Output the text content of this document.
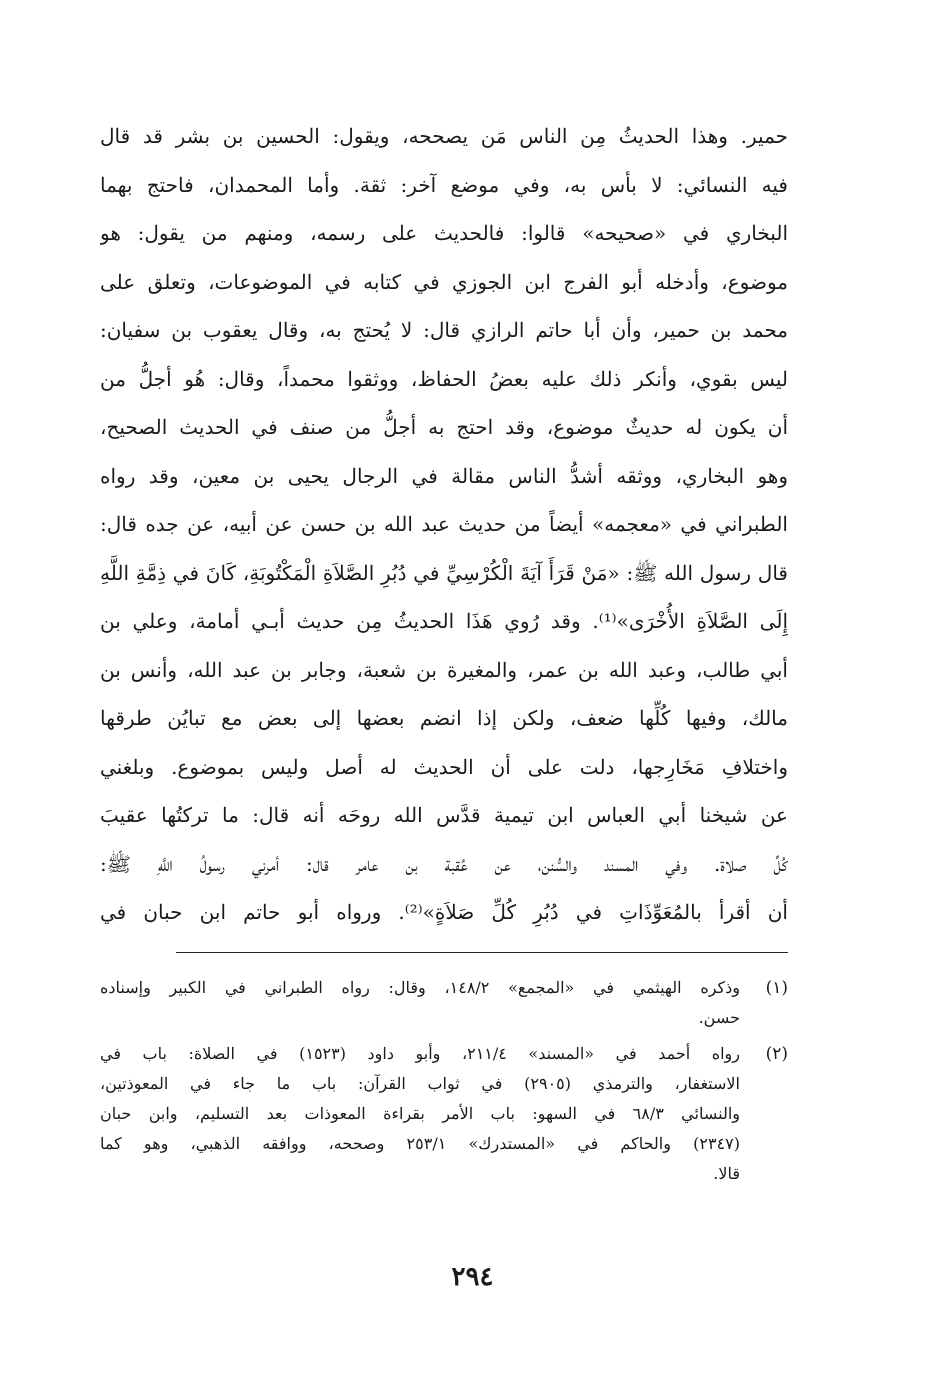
حمير. وهذا الحديثُ مِن الناس مَن يصححه، ويقول: الحسين بن بشر قد قال
فيه النسائي: لا بأس به، وفي موضع آخر: ثقة. وأما المحمدان، فاحتج بهما
البخاري في «صحيحه» قالوا: فالحديث على رسمه، ومنهم من يقول: هو
موضوع، وأدخله أبو الفرج ابن الجوزي في كتابه في الموضوعات، وتعلق على
محمد بن حمير، وأن أبا حاتم الرازي قال: لا يُحتج به، وقال يعقوب بن سفيان:
ليس بقوي، وأنكر ذلك عليه بعضُ الحفاظ، ووثقوا محمداً، وقال: هُو أجلُّ من
أن يكون له حديثٌ موضوع، وقد احتج به أجلُّ من صنف في الحديث الصحيح،
وهو البخاري، ووثقه أشدُّ الناس مقالة في الرجال يحيى بن معين، وقد رواه
الطبراني في «معجمه» أيضاً من حديث عبد الله بن حسن عن أبيه، عن جده قال:
قال رسول الله ﷺ: «مَنْ قَرَأَ آيَةَ الْكُرْسِيِّ في دُبُرِ الصَّلاَةِ الْمَكْتُوبَةِ، كَانَ في ذِمَّةِ اللَّهِ
إِلَى الصَّلاَةِ الأُخْرَى»⁽¹⁾. وقد رُوي هَذَا الحديثُ مِن حديث أبـي أمامة، وعلي بن
أبي طالب، وعبد الله بن عمر، والمغيرة بن شعبة، وجابر بن عبد الله، وأنس بن
مالك، وفيها كُلِّها ضعف، ولكن إذا انضم بعضها إلى بعض مع تبايُن طرقها
واختلافِ مَخَارِجها، دلت على أن الحديث له أصل وليس بموضوع. وبلغني
عن شيخنا أبي العباس ابن تيمية قدَّس الله روحَه أنه قال: ما تركتُها عقيبَ
كُلِّ صلاة. وفي المسند والسُّنن، عن عُقبة بن عامر قال: أمرني رسولُ اللَّهِ ﷺ:
أن أقرأ بالمُعَوِّذَاتِ في دُبُرِ كُلِّ صَلاَةٍ»⁽²⁾. ورواه أبو حاتم ابن حبان في
(١)
وذكره الهيثمي في «المجمع» ١٤٨/٢، وقال: رواه الطبراني في الكبير وإسناده
حسن.
(٢)
رواه أحمد في «المسند» ٢١١/٤، وأبو داود (١٥٢٣) في الصلاة: باب في
الاستغفار، والترمذي (٢٩٠٥) في ثواب القرآن: باب ما جاء في المعوذتين،
والنسائي ٦٨/٣ في السهو: باب الأمر بقراءة المعوذات بعد التسليم، وابن حبان
(٢٣٤٧) والحاكم في «المستدرك» ٢٥٣/١ وصححه، ووافقه الذهبي، وهو كما
قالا.
٢٩٤
